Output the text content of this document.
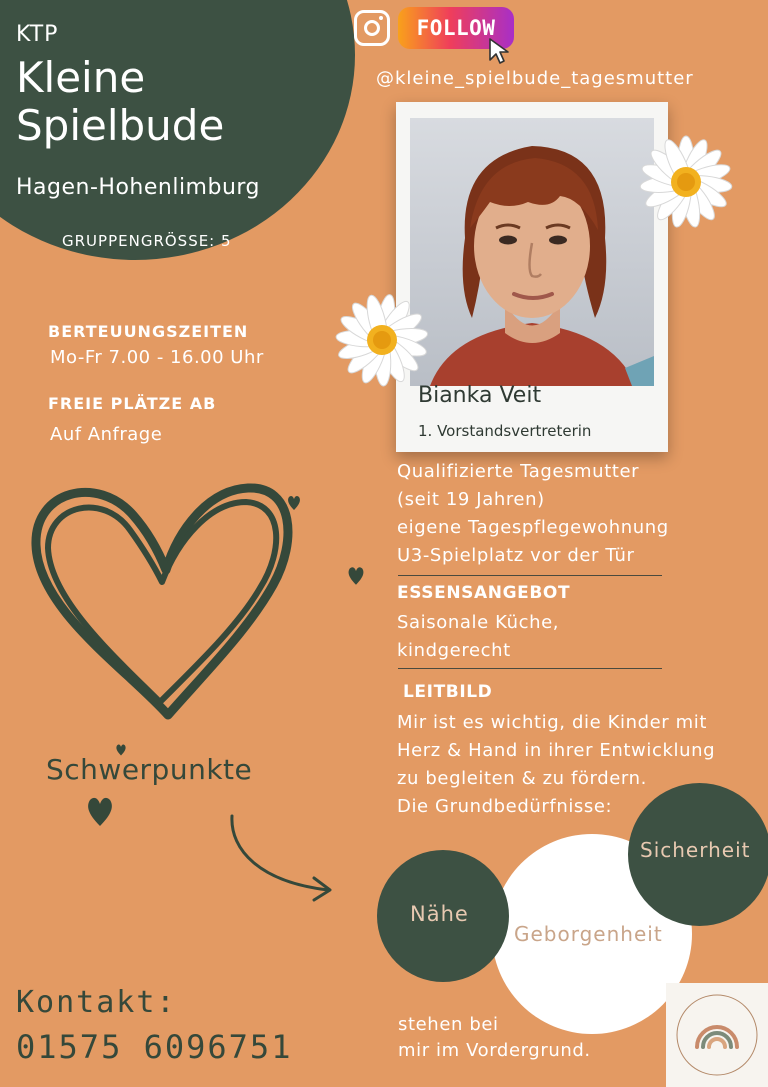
KTP
Kleine
Spielbude
Hagen-Hohenlimburg
GRUPPENGRÖSSE: 5
FOLLOW
@kleine_spielbude_tagesmutter
Bianka Veit
1. Vorstandsvertreterin
BERTEUUNGSZEITEN
Mo-Fr 7.00 - 16.00 Uhr
FREIE PLÄTZE AB
Auf Anfrage
Schwerpunkte
Qualifizierte Tagesmutter
(seit 19 Jahren)
eigene Tagespflegewohnung
U3-Spielplatz vor der Tür
ESSENSANGEBOT
Saisonale Küche,
kindgerecht
LEITBILD
Mir ist es wichtig, die Kinder mit
Herz & Hand in ihrer Entwicklung
zu begleiten & zu fördern.
Die Grundbedürfnisse:
Nähe
Geborgenheit
Sicherheit
stehen bei
mir im Vordergrund.
Kontakt:
01575 6096751
